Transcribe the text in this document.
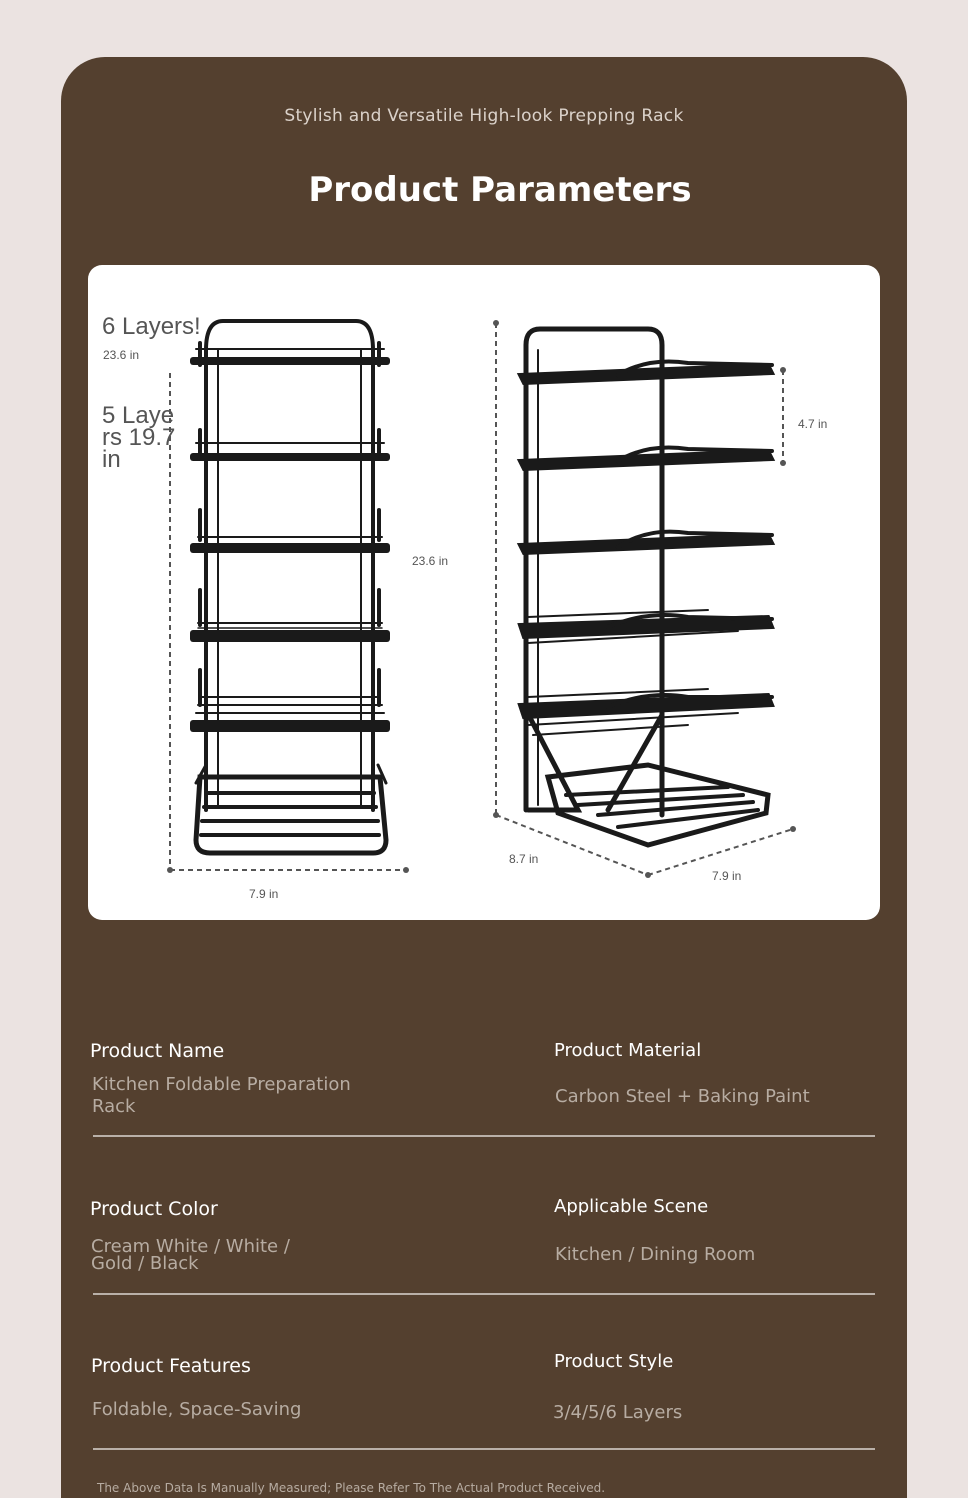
Stylish and Versatile High-look Prepping Rack
Product Parameters
6 Layers!
23.6 in
5 Laye rs 19.7 in
23.6 in
7.9 in
4.7 in
8.7 in
7.9 in
Product Name
Kitchen Foldable Preparation Rack
Product Material
Carbon Steel + Baking Paint
Product Color
Cream White / White / Gold / Black
Applicable Scene
Kitchen / Dining Room
Product Features
Foldable, Space-Saving
Product Style
3/4/5/6 Layers
The Above Data Is Manually Measured; Please Refer To The Actual Product Received.
